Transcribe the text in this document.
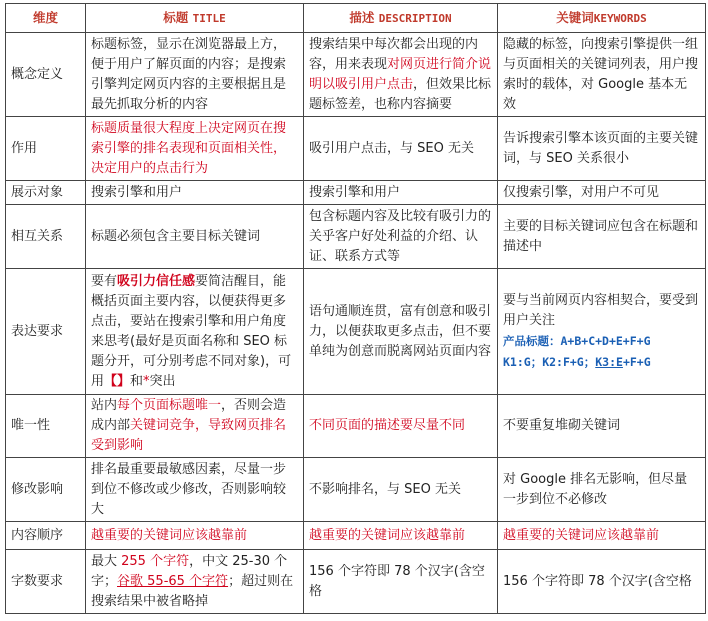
维度	标题 TITLE	描述 DESCRIPTION	关键词KEYWORDS
概念定义	标题标签，显示在浏览器最上方，便于用户了解页面的内容；是搜索引擎判定网页内容的主要根据且是最先抓取分析的内容	搜索结果中每次都会出现的内容，用来表现对网页进行简介说明以吸引用户点击，但效果比标题标签差，也称内容摘要	隐藏的标签，向搜索引擎提供一组与页面相关的关键词列表，用户搜索时的载体，对 Google 基本无效
作用	标题质量很大程度上决定网页在搜索引擎的排名表现和页面相关性，决定用户的点击行为	吸引用户点击，与 SEO 无关	告诉搜索引擎本该页面的主要关键词，与 SEO 关系很小
展示对象	搜索引擎和用户	搜索引擎和用户	仅搜索引擎，对用户不可见
相互关系	标题必须包含主要目标关键词	包含标题内容及比较有吸引力的关乎客户好处利益的介绍、认证、联系方式等	主要的目标关键词应包含在标题和描述中
表达要求	要有吸引力信任感要简洁醒目，能概括页面主要内容，以便获得更多点击，要站在搜索引擎和用户角度来思考(最好是页面名称和 SEO 标题分开，可分别考虑不同对象)，可用【】和*突出	语句通顺连贯，富有创意和吸引力，以便获取更多点击，但不要单纯为创意而脱离网站页面内容	要与当前网页内容相契合，要受到用户关注
产品标题：A+B+C+D+E+F+G
K1:G；K2:F+G；K3:E+F+G
唯一性	站内每个页面标题唯一，否则会造成内部关键词竞争，导致网页排名受到影响	不同页面的描述要尽量不同	不要重复堆砌关键词
修改影响	排名最重要最敏感因素，尽量一步到位不修改或少修改，否则影响较大	不影响排名，与 SEO 无关	对 Google 排名无影响，但尽量一步到位不必修改
内容顺序	越重要的关键词应该越靠前	越重要的关键词应该越靠前	越重要的关键词应该越靠前
字数要求	最大 255 个字符，中文 25-30 个字；谷歌 55-65 个字符；超过则在搜索结果中被省略掉	156 个字符即 78 个汉字(含空格	156 个字符即 78 个汉字(含空格
